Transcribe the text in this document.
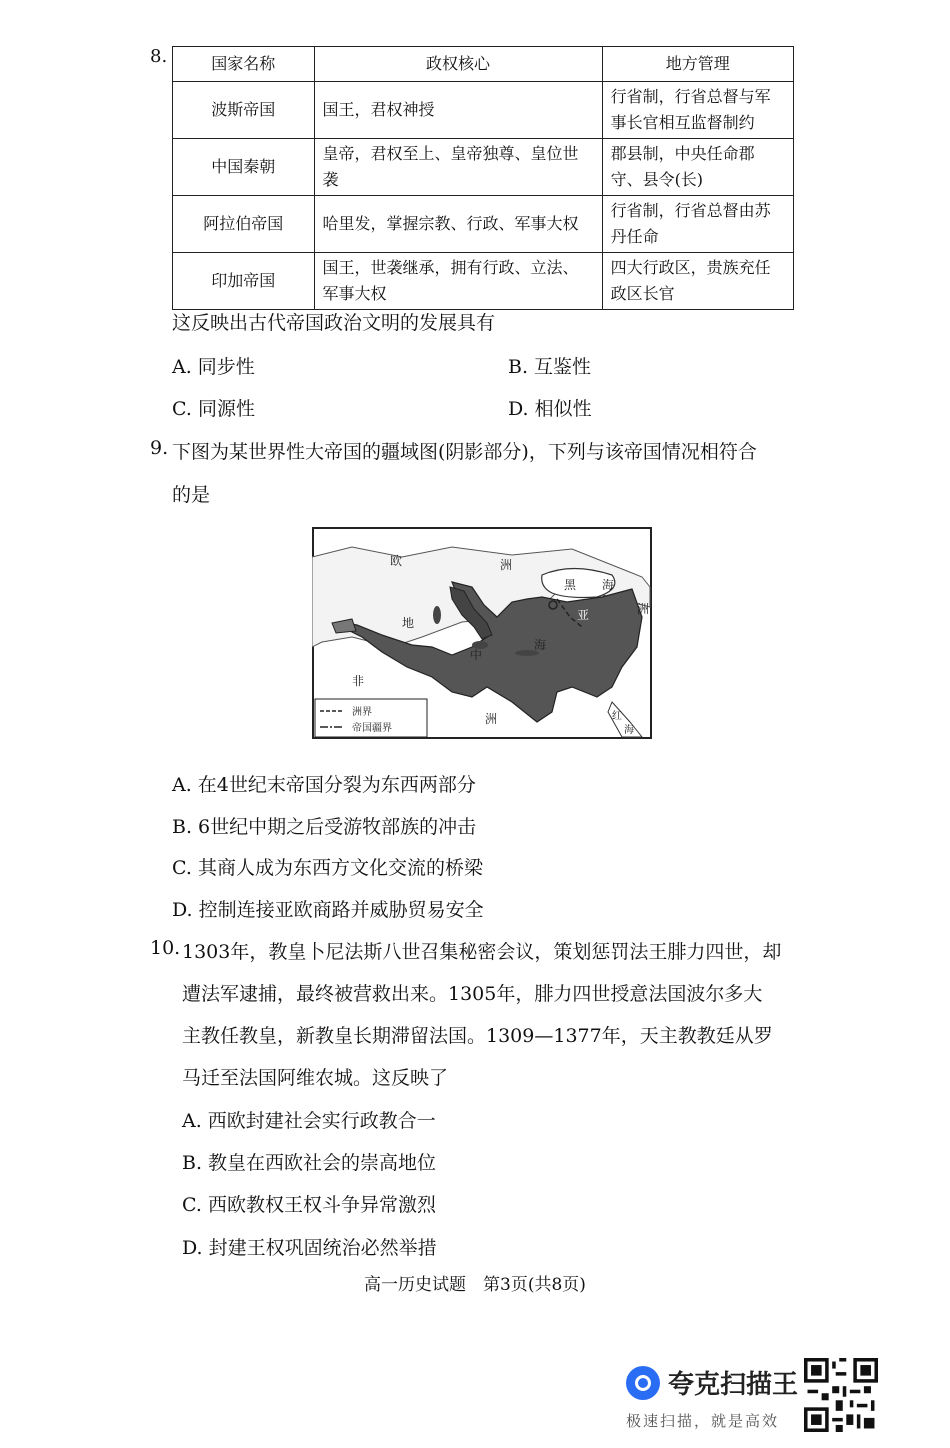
8.	国家名称	政权核心	地方管理
波斯帝国	国王，君权神授	行省制，行省总督与军事长官相互监督制约
中国秦朝	皇帝，君权至上、皇帝独尊、皇位世袭	郡县制，中央任命郡守、县令(长)
阿拉伯帝国	哈里发，掌握宗教、行政、军事大权	行省制，行省总督由苏丹任命
印加帝国	国王，世袭继承，拥有行政、立法、军事大权	四大行政区，贵族充任政区长官
这反映出古代帝国政治文明的发展具有
A. 同步性	B. 互鉴性
C. 同源性	D. 相似性
9. 下图为某世界性大帝国的疆域图(阴影部分)，下列与该帝国情况相符合
的是
欧	洲
黑 海
亚	洲
地
中
海
非
洲	红
海
洲界
帝国疆界
A. 在4世纪末帝国分裂为东西两部分
B. 6世纪中期之后受游牧部族的冲击
C. 其商人成为东西方文化交流的桥梁
D. 控制连接亚欧商路并威胁贸易安全
10. 1303年，教皇卜尼法斯八世召集秘密会议，策划惩罚法王腓力四世，却
遭法军逮捕，最终被营救出来。1305年，腓力四世授意法国波尔多大
主教任教皇，新教皇长期滞留法国。1309—1377年，天主教教廷从罗
马迁至法国阿维农城。这反映了
A. 西欧封建社会实行政教合一
B. 教皇在西欧社会的崇高地位
C. 西欧教权王权斗争异常激烈
D. 封建王权巩固统治必然举措
高一历史试题　第3页(共8页)
夸克扫描王
极速扫描，就是高效
